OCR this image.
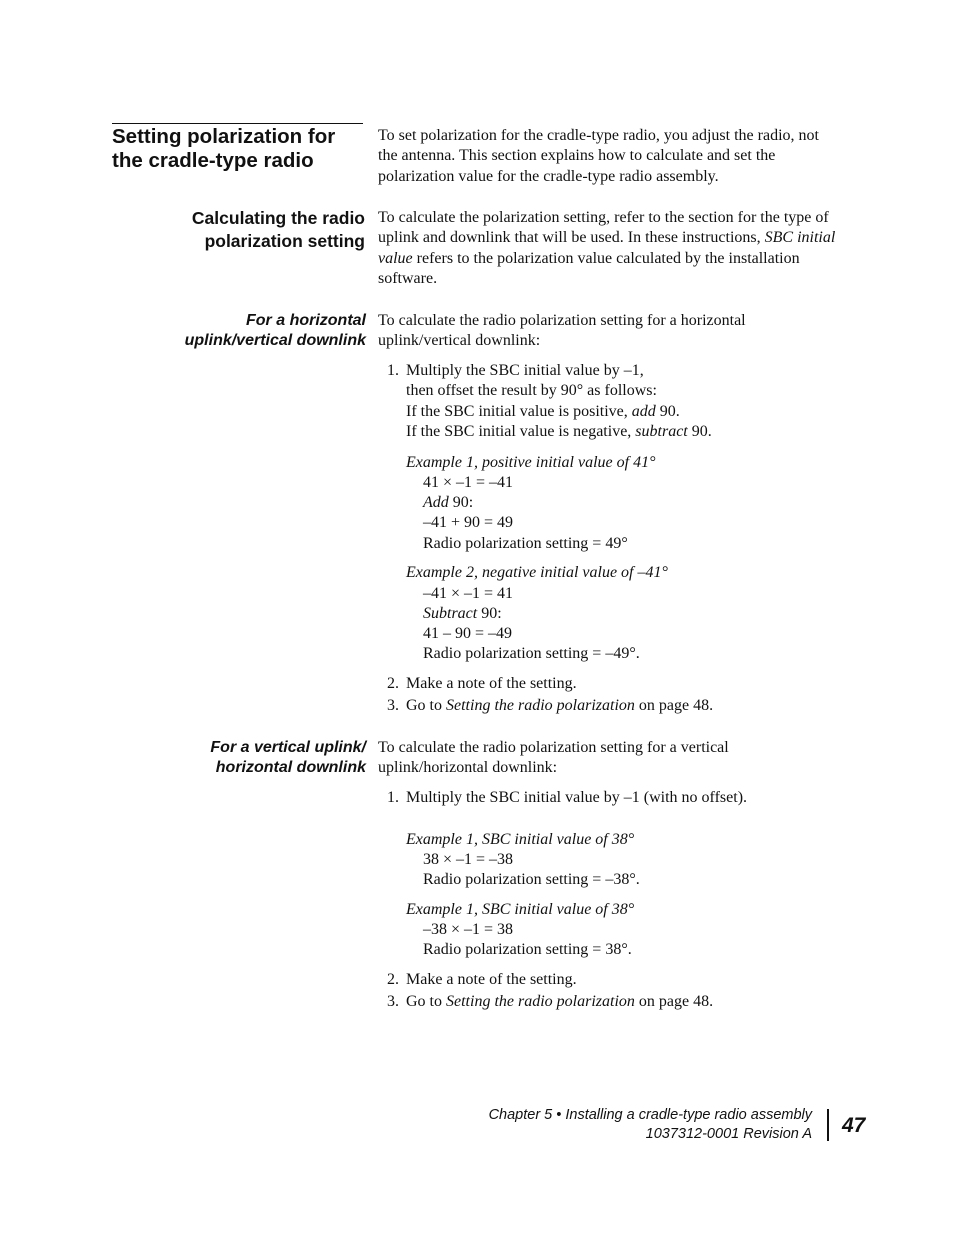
Setting polarization for
the cradle-type radio
To set polarization for the cradle-type radio, you adjust the radio, not the antenna. This section explains how to calculate and set the polarization value for the cradle-type radio assembly.
Calculating the radio
polarization setting
To calculate the polarization setting, refer to the section for the type of uplink and downlink that will be used. In these instructions, SBC initial value refers to the polarization value calculated by the installation software.
For a horizontal
uplink/vertical downlink
To calculate the radio polarization setting for a horizontal
uplink/vertical downlink:
1. Multiply the SBC initial value by –1,
then offset the result by 90° as follows:
If the SBC initial value is positive, add 90.
If the SBC initial value is negative, subtract 90.
Example 1, positive initial value of 41°
41 × –1 = –41
Add 90:
–41 + 90 = 49
Radio polarization setting = 49°
Example 2, negative initial value of –41°
–41 × –1 = 41
Subtract 90:
41 – 90 = –49
Radio polarization setting = –49°.
2. Make a note of the setting.
3. Go to Setting the radio polarization on page 48.
For a vertical uplink/
horizontal downlink
To calculate the radio polarization setting for a vertical
uplink/horizontal downlink:
1. Multiply the SBC initial value by –1 (with no offset).
Example 1, SBC initial value of 38°
38 × –1 = –38
Radio polarization setting = –38°.
Example 1, SBC initial value of 38°
–38 × –1 = 38
Radio polarization setting = 38°.
2. Make a note of the setting.
3. Go to Setting the radio polarization on page 48.
Chapter 5 • Installing a cradle-type radio assembly
1037312-0001 Revision A 47
